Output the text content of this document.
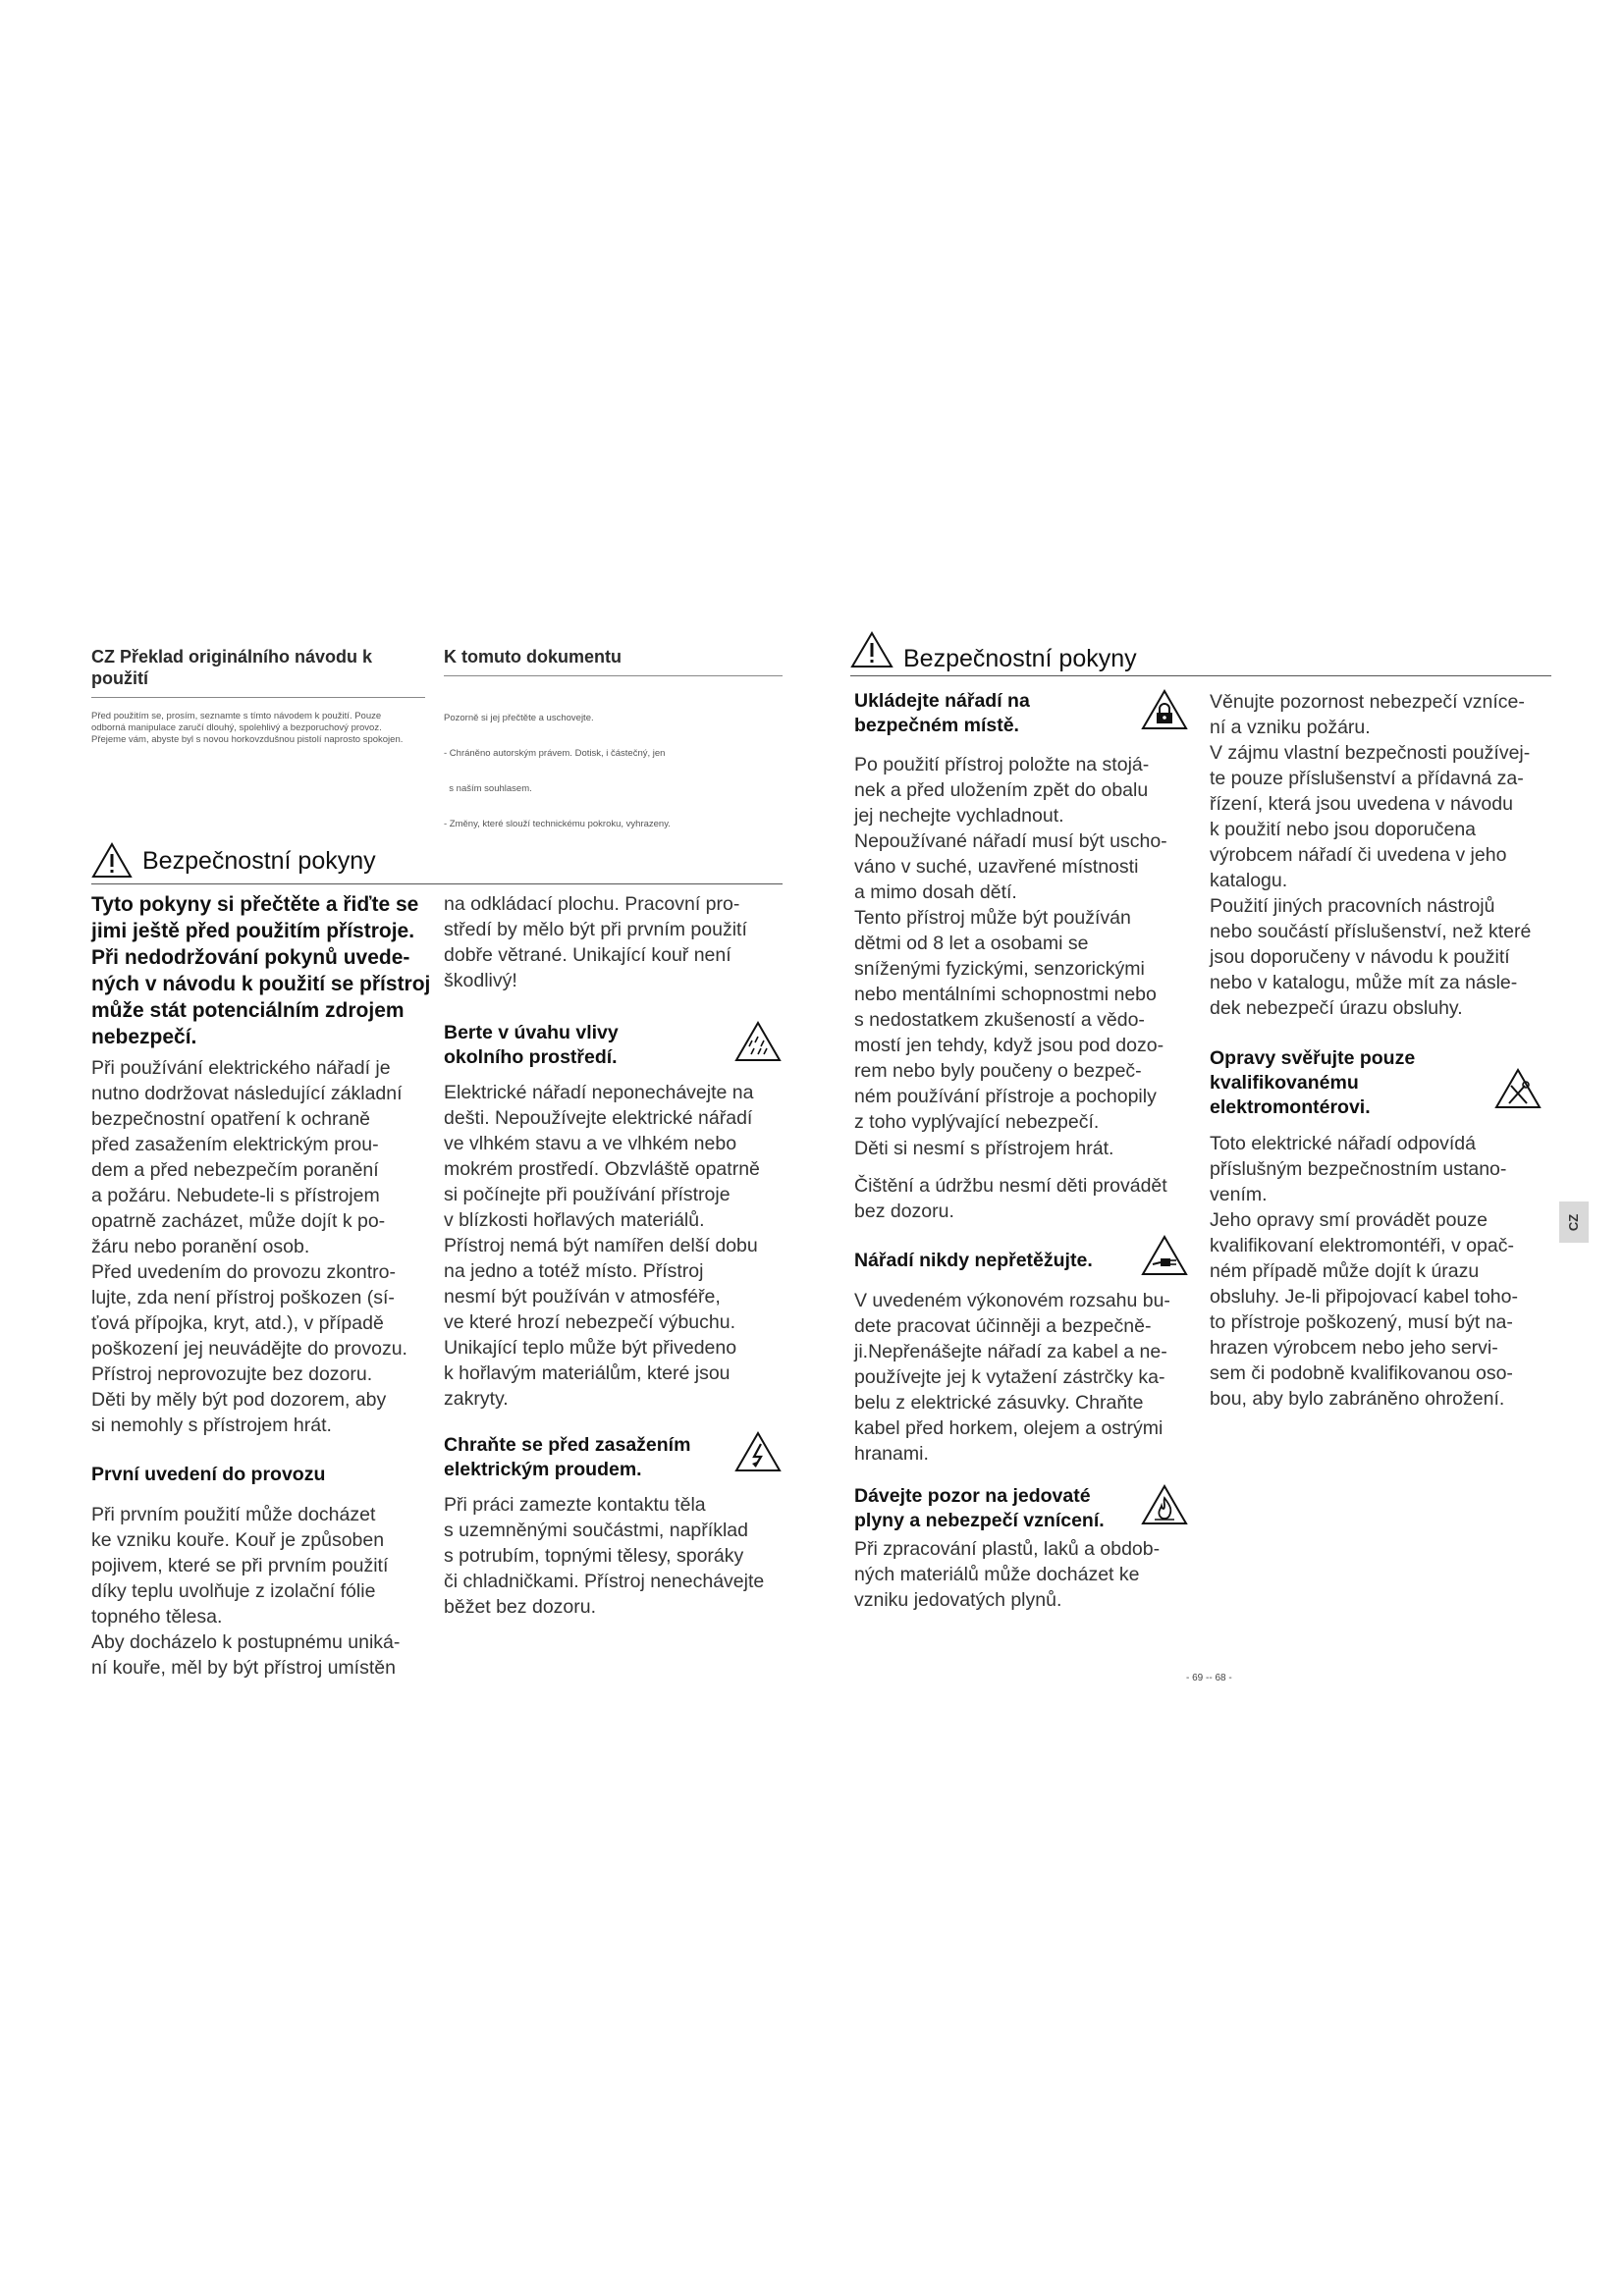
CZ Překlad originálního návodu k použití
Před použitím se, prosím, seznamte s tímto návodem k použití. Pouze odborná manipulace zaručí dlouhý, spolehlivý a bezporuchový provoz.
Přejeme vám, abyste byl s novou horkovzdušnou pistolí naprosto spokojen.
K tomuto dokumentu

Pozorně si jej přečtěte a uschovejte.

- Chráněno autorským právem. Dotisk, i částečný, jen

s naším souhlasem.

- Změny, které slouží technickému pokroku, vyhrazeny.

Bezpečnostní pokyny
Tyto pokyny si přečtěte a řiďte se
jimi ještě před použitím přístroje.
Při nedodržování pokynů uvede-
ných v návodu k použití se přístroj
může stát potenciálním zdrojem
nebezpečí.
Při používání elektrického nářadí je
nutno dodržovat následující základní
bezpečnostní opatření k ochraně
před zasažením elektrickým prou-
dem a před nebezpečím poranění
a požáru. Nebudete-li s přístrojem
opatrně zacházet, může dojít k po-
žáru nebo poranění osob.
Před uvedením do provozu zkontro-
lujte, zda není přístroj poškozen (sí-
ťová přípojka, kryt, atd.), v případě
poškození jej neuvádějte do provozu.
Přístroj neprovozujte bez dozoru.
Děti by měly být pod dozorem, aby
si nemohly s přístrojem hrát.
První uvedení do provozu
Při prvním použití může docházet
ke vzniku kouře. Kouř je způsoben
pojivem, které se při prvním použití
díky teplu uvolňuje z izolační fólie
topného tělesa.
Aby docházelo k postupnému uniká-
ní kouře, měl by být přístroj umístěn
na odkládací plochu. Pracovní pro-
středí by mělo být při prvním použití
dobře větrané. Unikající kouř není
škodlivý!
Berte v úvahu vlivy
okolního prostředí.
Elektrické nářadí neponechávejte na
dešti. Nepoužívejte elektrické nářadí
ve vlhkém stavu a ve vlhkém nebo
mokrém prostředí. Obzvláště opatrně
si počínejte při používání přístroje
v blízkosti hořlavých materiálů.
Přístroj nemá být namířen delší dobu
na jedno a totéž místo. Přístroj
nesmí být používán v atmosféře,
ve které hrozí nebezpečí výbuchu.
Unikající teplo může být přivedeno
k hořlavým materiálům, které jsou
zakryty.
Chraňte se před zasažením
elektrickým proudem.
Při práci zamezte kontaktu těla
s uzemněnými součástmi, například
s potrubím, topnými tělesy, sporáky
či chladničkami. Přístroj nenechávejte
běžet bez dozoru.
Bezpečnostní pokyny
Ukládejte nářadí na
bezpečném místě.
Po použití přístroj položte na stojá-
nek a před uložením zpět do obalu
jej nechejte vychladnout.
Nepoužívané nářadí musí být uscho-
váno v suché, uzavřené místnosti
a mimo dosah dětí.
Tento přístroj může být používán
dětmi od 8 let a osobami se
sníženými fyzickými, senzorickými
nebo mentálními schopnostmi nebo
s nedostatkem zkušeností a vědo-
mostí jen tehdy, když jsou pod dozo-
rem nebo byly poučeny o bezpeč-
ném používání přístroje a pochopily
z toho vyplývající nebezpečí.
Děti si nesmí s přístrojem hrát.
Čištění a údržbu nesmí děti provádět
bez dozoru.
Nářadí nikdy nepřetěžujte.
V uvedeném výkonovém rozsahu bu-
dete pracovat účinněji a bezpečně-
ji.Nepřenášejte nářadí za kabel a ne-
používejte jej k vytažení zástrčky ka-
belu z elektrické zásuvky. Chraňte
kabel před horkem, olejem a ostrými
hranami.
Dávejte pozor na jedovaté
plyny a nebezpečí vznícení.
Při zpracování plastů, laků a obdob-
ných materiálů může docházet ke
vzniku jedovatých plynů.
Věnujte pozornost nebezpečí vzníce-
ní a vzniku požáru.
V zájmu vlastní bezpečnosti používej-
te pouze příslušenství a přídavná za-
řízení, která jsou uvedena v návodu
k použití nebo jsou doporučena
výrobcem nářadí či uvedena v jeho
katalogu.
Použití jiných pracovních nástrojů
nebo součástí příslušenství, než které
jsou doporučeny v návodu k použití
nebo v katalogu, může mít za násle-
dek nebezpečí úrazu obsluhy.
Opravy svěřujte pouze
kvalifikovanému
elektromontérovi.
Toto elektrické nářadí odpovídá
příslušným bezpečnostním ustano-
vením.
Jeho opravy smí provádět pouze
kvalifikovaní elektromontéři, v opač-
ném případě může dojít k úrazu
obsluhy. Je-li připojovací kabel toho-
to přístroje poškozený, musí být na-
hrazen výrobcem nebo jeho servi-
sem či podobně kvalifikovanou oso-
bou, aby bylo zabráněno ohrožení.
CZ
- 69 -- 68 -
